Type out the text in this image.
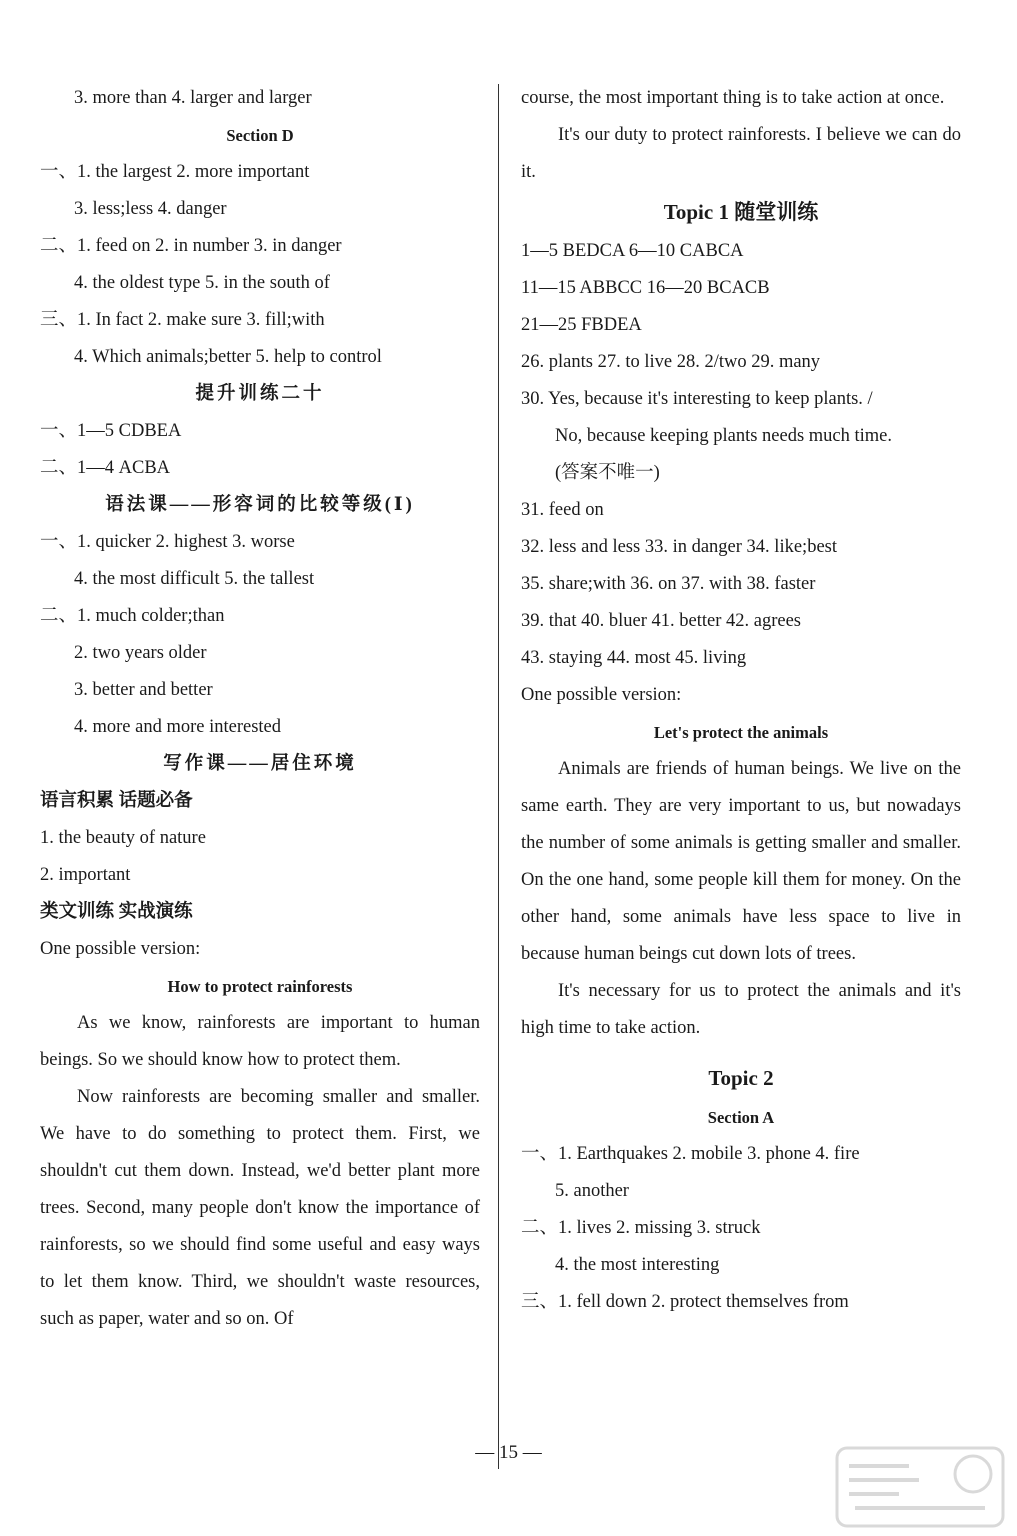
3. more than 4. larger and larger
Section D
一、1. the largest 2. more important
3. less;less 4. danger
二、1. feed on 2. in number 3. in danger
4. the oldest type 5. in the south of
三、1. In fact 2. make sure 3. fill;with
4. Which animals;better 5. help to control
提升训练二十
一、1—5 CDBEA
二、1—4 ACBA
语法课——形容词的比较等级(Ⅰ)
一、1. quicker 2. highest 3. worse
4. the most difficult 5. the tallest
二、1. much colder;than
2. two years older
3. better and better
4. more and more interested
写作课——居住环境
语言积累 话题必备
1. the beauty of nature
2. important
类文训练 实战演练
One possible version:
How to protect rainforests
As we know, rainforests are important to human beings. So we should know how to protect them.
Now rainforests are becoming smaller and smaller. We have to do something to protect them. First, we shouldn't cut them down. Instead, we'd better plant more trees. Second, many people don't know the importance of rainforests, so we should find some useful and easy ways to let them know. Third, we shouldn't waste resources, such as paper, water and so on. Of
course, the most important thing is to take action at once.
It's our duty to protect rainforests. I believe we can do it.
Topic 1 随堂训练
1—5 BEDCA 6—10 CABCA
11—15 ABBCC 16—20 BCACB
21—25 FBDEA
26. plants 27. to live 28. 2/two 29. many
30. Yes, because it's interesting to keep plants. /
No, because keeping plants needs much time.
(答案不唯一)
31. feed on
32. less and less 33. in danger 34. like;best
35. share;with 36. on 37. with 38. faster
39. that 40. bluer 41. better 42. agrees
43. staying 44. most 45. living
One possible version:
Let's protect the animals
Animals are friends of human beings. We live on the same earth. They are very important to us, but nowadays the number of some animals is getting smaller and smaller. On the one hand, some people kill them for money. On the other hand, some animals have less space to live in because human beings cut down lots of trees.
It's necessary for us to protect the animals and it's high time to take action.
Topic 2
Section A
一、1. Earthquakes 2. mobile 3. phone 4. fire
5. another
二、1. lives 2. missing 3. struck
4. the most interesting
三、1. fell down 2. protect themselves from
— 15 —
